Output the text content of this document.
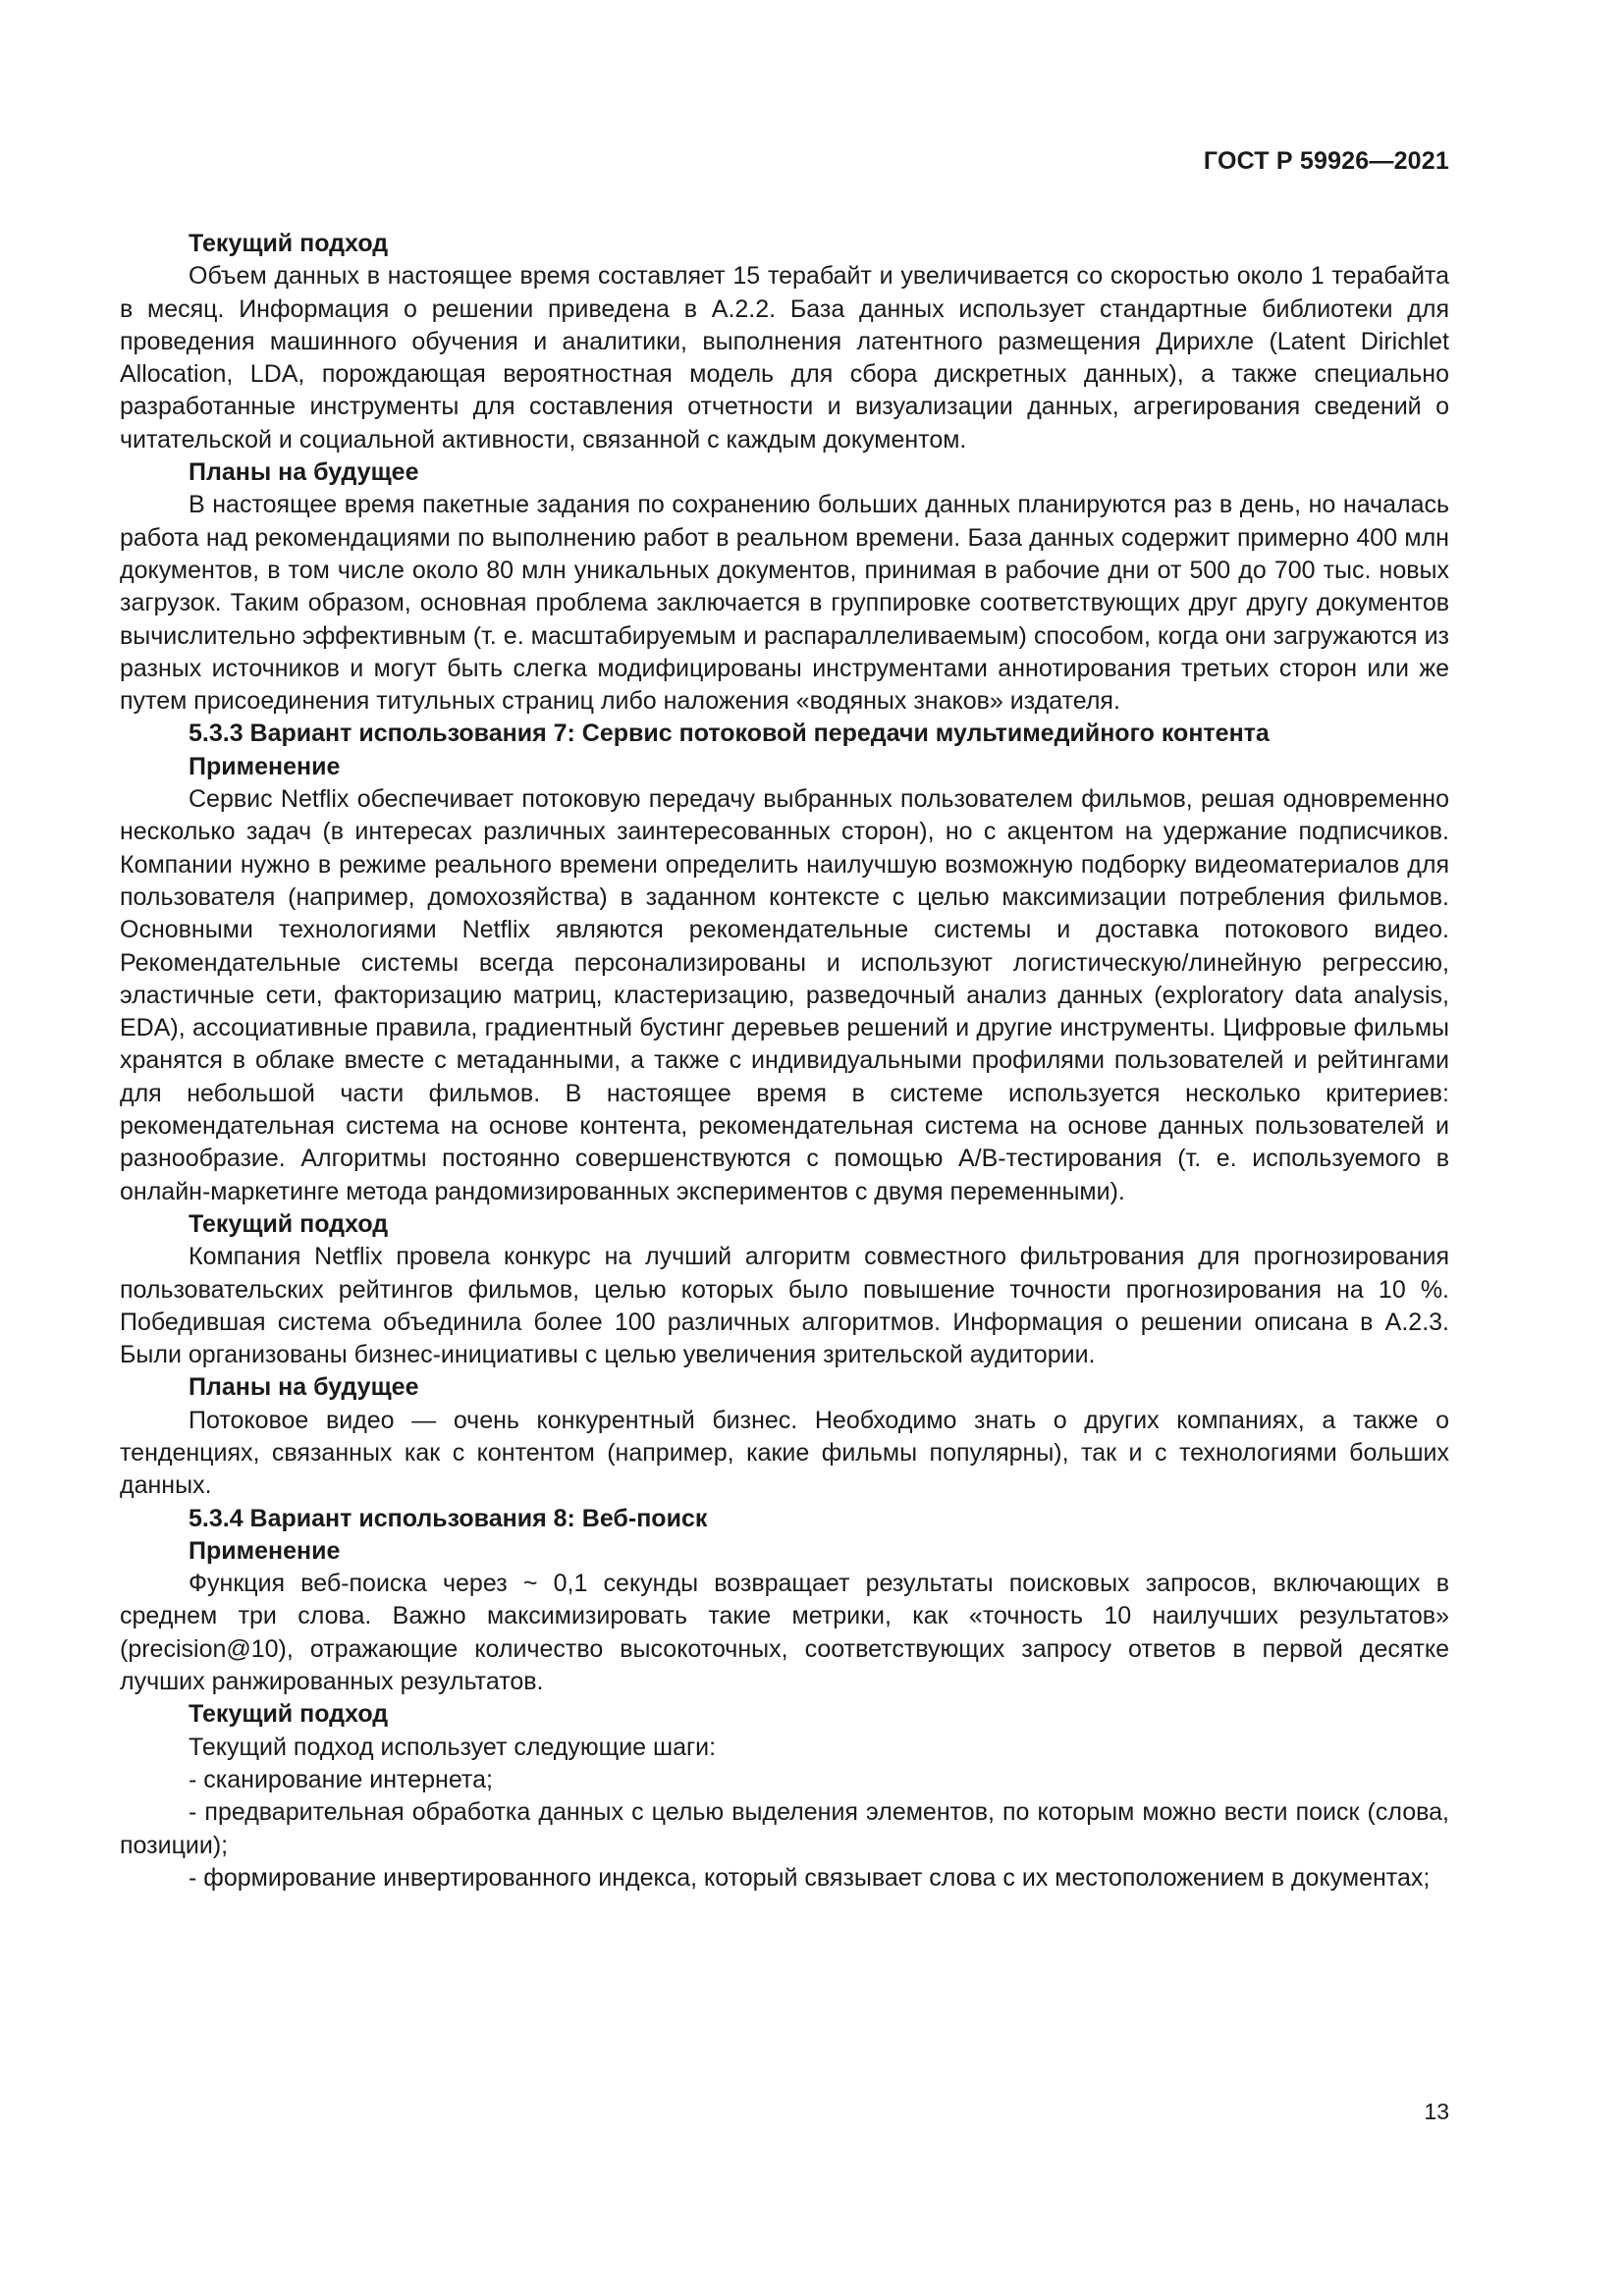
ГОСТ Р 59926—2021

Текущий подход

Объем данных в настоящее время составляет 15 терабайт и увеличивается со скоростью около 1 терабайта в месяц. Информация о решении приведена в А.2.2. База данных использует стандартные библиотеки для проведения машинного обучения и аналитики, выполнения латентного размещения Дирихле (Latent Dirichlet Allocation, LDA, порождающая вероятностная модель для сбора дискретных данных), а также специально разработанные инструменты для составления отчетности и визуализации данных, агрегирования сведений о читательской и социальной активности, связанной с каждым документом.

Планы на будущее

В настоящее время пакетные задания по сохранению больших данных планируются раз в день, но началась работа над рекомендациями по выполнению работ в реальном времени. База данных содержит примерно 400 млн документов, в том числе около 80 млн уникальных документов, принимая в рабочие дни от 500 до 700 тыс. новых загрузок. Таким образом, основная проблема заключается в группировке соответствующих друг другу документов вычислительно эффективным (т. е. масштабируемым и распараллеливаемым) способом, когда они загружаются из разных источников и могут быть слегка модифицированы инструментами аннотирования третьих сторон или же путем присоединения титульных страниц либо наложения «водяных знаков» издателя.

5.3.3 Вариант использования 7: Сервис потоковой передачи мультимедийного контента

Применение

Сервис Netflix обеспечивает потоковую передачу выбранных пользователем фильмов, решая одновременно несколько задач (в интересах различных заинтересованных сторон), но с акцентом на удержание подписчиков. Компании нужно в режиме реального времени определить наилучшую возможную подборку видеоматериалов для пользователя (например, домохозяйства) в заданном контексте с целью максимизации потребления фильмов. Основными технологиями Netflix являются рекомендательные системы и доставка потокового видео. Рекомендательные системы всегда персонализированы и используют логистическую/линейную регрессию, эластичные сети, факторизацию матриц, кластеризацию, разведочный анализ данных (exploratory data analysis, EDA), ассоциативные правила, градиентный бустинг деревьев решений и другие инструменты. Цифровые фильмы хранятся в облаке вместе с метаданными, а также с индивидуальными профилями пользователей и рейтингами для небольшой части фильмов. В настоящее время в системе используется несколько критериев: рекомендательная система на основе контента, рекомендательная система на основе данных пользователей и разнообразие. Алгоритмы постоянно совершенствуются с помощью A/B-тестирования (т. е. используемого в онлайн-маркетинге метода рандомизированных экспериментов с двумя переменными).

Текущий подход

Компания Netflix провела конкурс на лучший алгоритм совместного фильтрования для прогнозирования пользовательских рейтингов фильмов, целью которых было повышение точности прогнозирования на 10 %. Победившая система объединила более 100 различных алгоритмов. Информация о решении описана в А.2.3. Были организованы бизнес-инициативы с целью увеличения зрительской аудитории.

Планы на будущее

Потоковое видео — очень конкурентный бизнес. Необходимо знать о других компаниях, а также о тенденциях, связанных как с контентом (например, какие фильмы популярны), так и с технологиями больших данных.

5.3.4 Вариант использования 8: Веб-поиск

Применение

Функция веб-поиска через ~ 0,1 секунды возвращает результаты поисковых запросов, включающих в среднем три слова. Важно максимизировать такие метрики, как «точность 10 наилучших результатов» (precision@10), отражающие количество высокоточных, соответствующих запросу ответов в первой десятке лучших ранжированных результатов.

Текущий подход

Текущий подход использует следующие шаги:

- сканирование интернета;

- предварительная обработка данных с целью выделения элементов, по которым можно вести поиск (слова, позиции);

- формирование инвертированного индекса, который связывает слова с их местоположением в документах;

13
